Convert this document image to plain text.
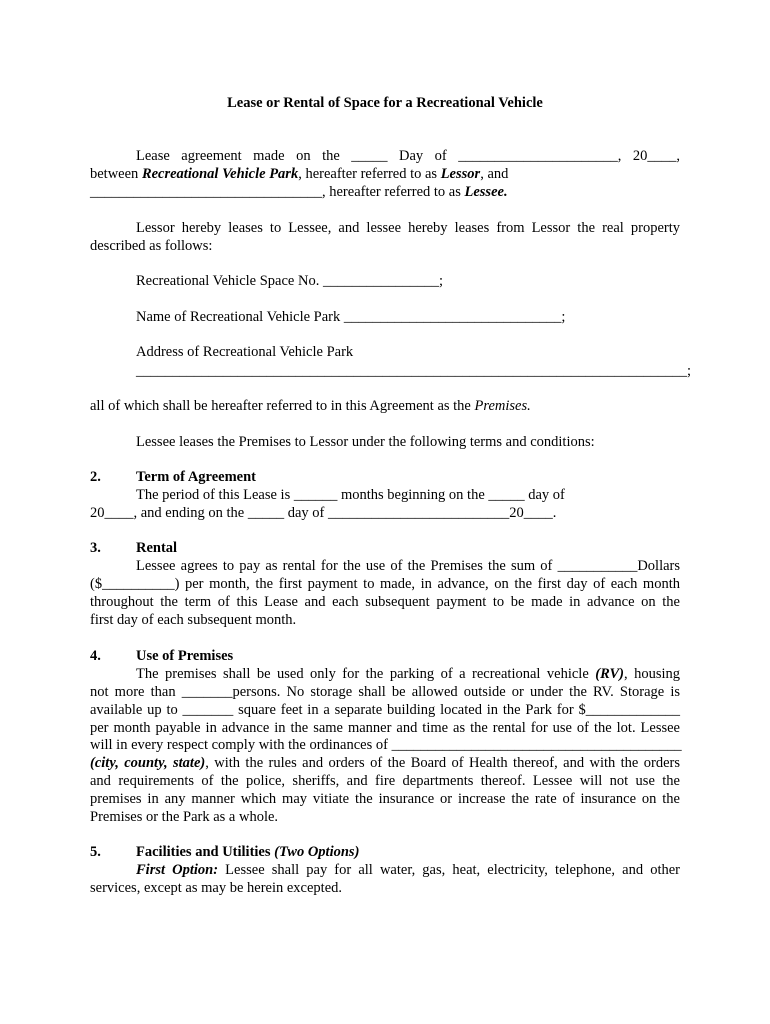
Lease or Rental of Space for a Recreational Vehicle
Lease agreement made on the _____ Day of ______________________, 20____,
between Recreational Vehicle Park, hereafter referred to as Lessor, and
________________________________, hereafter referred to as Lessee.
Lessor hereby leases to Lessee, and lessee hereby leases from Lessor the real property
described as follows:
Recreational Vehicle Space No. ________________;
Name of Recreational Vehicle Park ______________________________;
Address of Recreational Vehicle Park
____________________________________________________________________________;
all of which shall be hereafter referred to in this Agreement as the Premises.
Lessee leases the Premises to Lessor under the following terms and conditions:
2. Term of Agreement
The period of this Lease is ______ months beginning on the _____ day of
20____, and ending on the _____ day of _________________________20____.
3. Rental
Lessee agrees to pay as rental for the use of the Premises the sum of ___________Dollars
($__________) per month, the first payment to made, in advance, on the first day of each month
throughout the term of this Lease and each subsequent payment to be made in advance on the
first day of each subsequent month.
4. Use of Premises
The premises shall be used only for the parking of a recreational vehicle (RV), housing
not more than _______persons. No storage shall be allowed outside or under the RV. Storage is
available up to _______ square feet in a separate building located in the Park for $_____________
per month payable in advance in the same manner and time as the rental for use of the lot. Lessee
will in every respect comply with the ordinances of ________________________________________
(city, county, state), with the rules and orders of the Board of Health thereof, and with the orders
and requirements of the police, sheriffs, and fire departments thereof. Lessee will not use the
premises in any manner which may vitiate the insurance or increase the rate of insurance on the
Premises or the Park as a whole.
5. Facilities and Utilities (Two Options)
First Option: Lessee shall pay for all water, gas, heat, electricity, telephone, and other
services, except as may be herein excepted.
